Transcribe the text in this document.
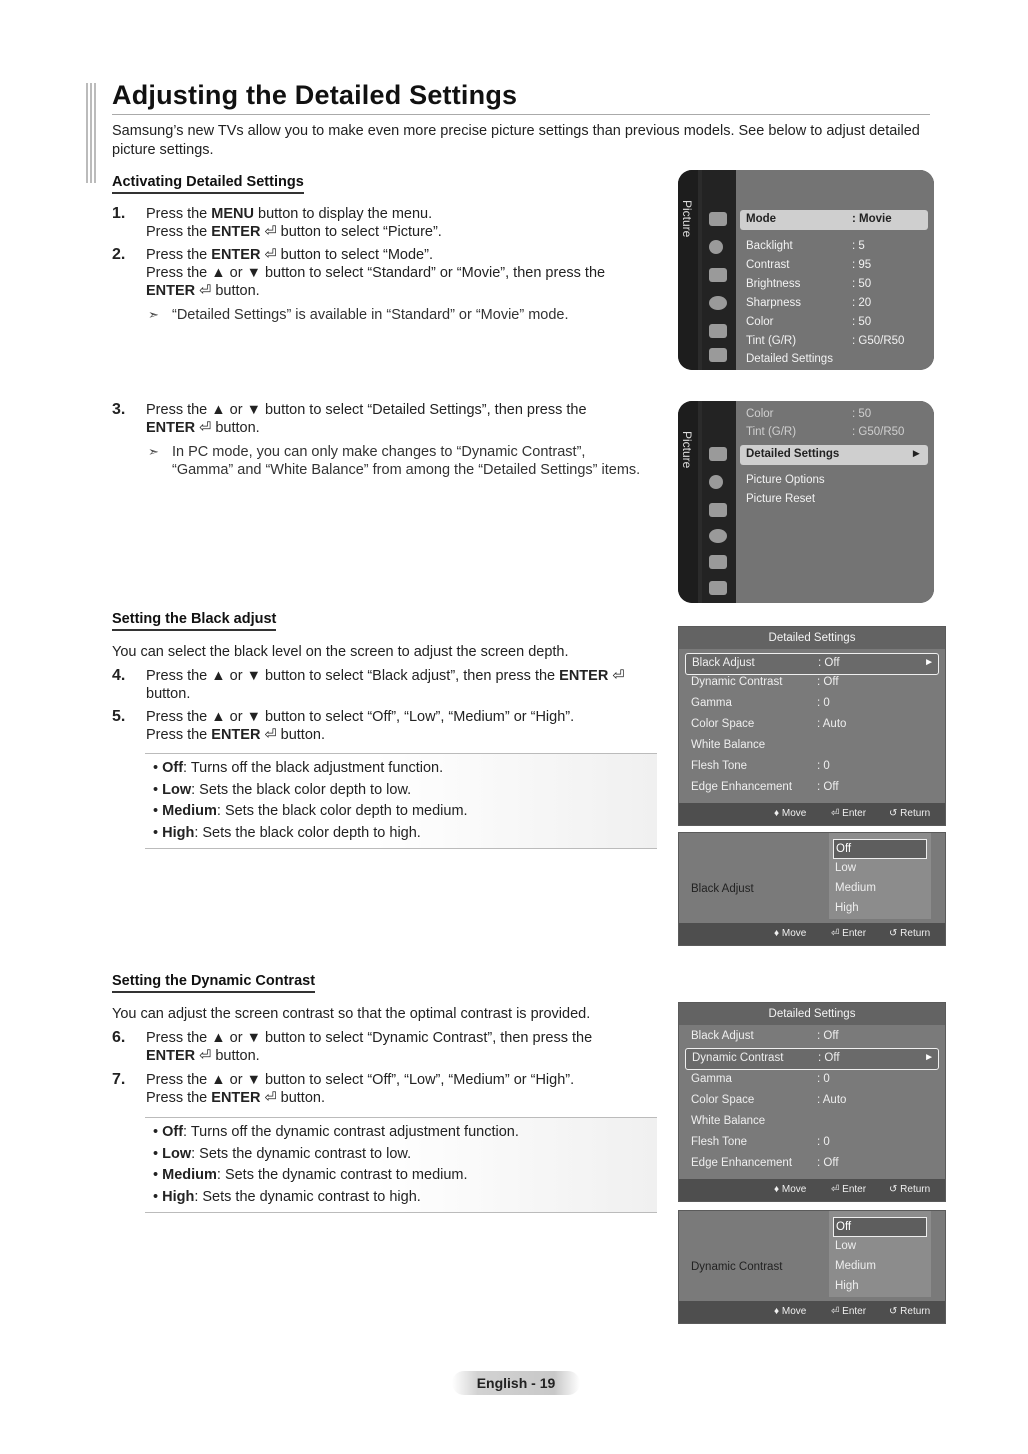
Adjusting the Detailed Settings
Samsung’s new TVs allow you to make even more precise picture settings than previous models. See below to adjust detailed picture settings.
Activating Detailed Settings
1. Press the MENU button to display the menu.
Press the ENTER ⏎ button to select “Picture”.
2. Press the ENTER ⏎ button to select “Mode”.
Press the ▲ or ▼ button to select “Standard” or “Movie”, then press the
ENTER ⏎ button.
➣ “Detailed Settings” is available in “Standard” or “Movie” mode.
3. Press the ▲ or ▼ button to select “Detailed Settings”, then press the
ENTER ⏎ button.
➣ In PC mode, you can only make changes to “Dynamic Contrast”,
“Gamma” and “White Balance” from among the “Detailed Settings” items.
Picture	Mode	: Movie
Backlight	: 5
Contrast	: 95
Brightness	: 50
Sharpness	: 20
Color	: 50
Tint (G/R)	: G50/R50
Detailed Settings
Picture
Color	: 50
Tint (G/R)	: G50/R50
Detailed Settings	►
Picture Options
Picture Reset
Setting the Black adjust
You can select the black level on the screen to adjust the screen depth.
4. Press the ▲ or ▼ button to select “Black adjust”, then press the ENTER ⏎
button.
5. Press the ▲ or ▼ button to select “Off”, “Low”, “Medium” or “High”.
Press the ENTER ⏎ button.
• Off: Turns off the black adjustment function.
• Low: Sets the black color depth to low.
• Medium: Sets the black color depth to medium.
• High: Sets the black color depth to high.
Detailed Settings
Black Adjust	: Off	►
Dynamic Contrast	: Off
Gamma	: 0
Color Space	: Auto
White Balance
Flesh Tone	: 0
Edge Enhancement : Off
♦ Move ⏎ Enter ↺ Return
Black Adjust
Off
Low
Medium
High
♦ Move ⏎ Enter ↺ Return
Setting the Dynamic Contrast
You can adjust the screen contrast so that the optimal contrast is provided.
6. Press the ▲ or ▼ button to select “Dynamic Contrast”, then press the
ENTER ⏎ button.
7. Press the ▲ or ▼ button to select “Off”, “Low”, “Medium” or “High”.
Press the ENTER ⏎ button.
• Off: Turns off the dynamic contrast adjustment function.
• Low: Sets the dynamic contrast to low.
• Medium: Sets the dynamic contrast to medium.
• High: Sets the dynamic contrast to high.
Detailed Settings
Black Adjust	: Off
Dynamic Contrast	: Off	►
Gamma	: 0
Color Space	: Auto
White Balance
Flesh Tone	: 0
Edge Enhancement : Off
♦ Move ⏎ Enter ↺ Return
Dynamic Contrast
Off
Low
Medium
High
♦ Move ⏎ Enter ↺ Return
English - 19
